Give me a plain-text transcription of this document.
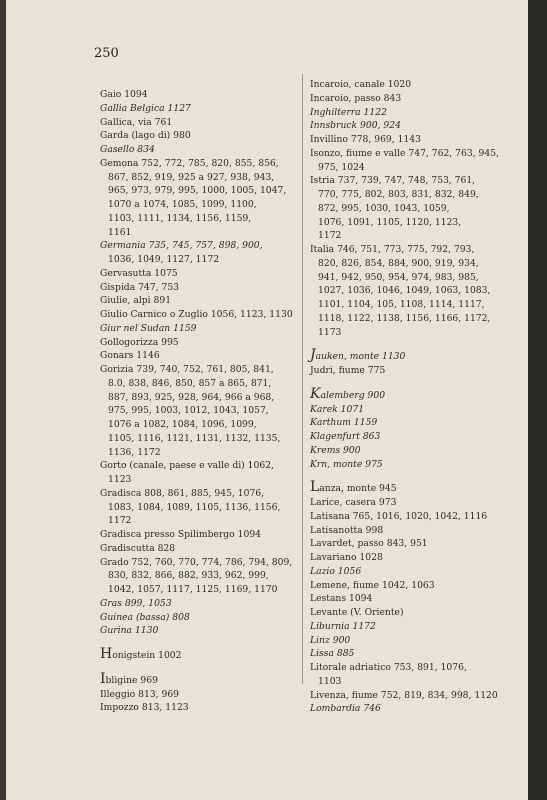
250
Gaio 1094
Gallia Belgica 1127
Gallica, via 761
Garda (lago di) 980
Gasello 834
Gemona 752, 772, 785, 820, 855, 856,
867, 852, 919, 925 a 927, 938, 943,
965, 973, 979, 995, 1000, 1005, 1047,
1070 a 1074, 1085, 1099, 1100,
1103, 1111, 1134, 1156, 1159,
1161
Germania 735, 745, 757, 898, 900,
1036, 1049, 1127, 1172
Gervasutta 1075
Gispida 747, 753
Giulie, alpi 891
Giulio Carnico o Zuglio 1056, 1123, 1130
Giur nel Sudan 1159
Gollogorizza 995
Gonars 1146
Gorizia 739, 740, 752, 761, 805, 841,
8.0, 838, 846, 850, 857 a 865, 871,
887, 893, 925, 928, 964, 966 a 968,
975, 995, 1003, 1012, 1043, 1057,
1076 a 1082, 1084, 1096, 1099,
1105, 1116, 1121, 1131, 1132, 1135,
1136, 1172
Gorto (canale, paese e valle di) 1062,
1123
Gradisca 808, 861, 885, 945, 1076,
1083, 1084, 1089, 1105, 1136, 1156,
1172
Gradisca presso Spilimbergo 1094
Gradiscutta 828
Grado 752, 760, 770, 774, 786, 794, 809,
830, 832, 866, 882, 933, 962, 999,
1042, 1057, 1117, 1125, 1169, 1170
Gras 899, 1053
Guinea (bassa) 808
Gurina 1130
Honigstein 1002
Ibligine 969
Illeggio 813, 969
Impozzo 813, 1123
Incaroio, canale 1020
Incaroio, passo 843
Inghilterra 1122
Innsbruck 900, 924
Invillino 778, 969, 1143
Isonzo, fiume e valle 747, 762, 763, 945,
975, 1024
Istria 737, 739, 747, 748, 753, 761,
770, 775, 802, 803, 831, 832, 849,
872, 995, 1030, 1043, 1059,
1076, 1091, 1105, 1120, 1123,
1172
Italia 746, 751, 773, 775, 792, 793,
820, 826, 854, 884, 900, 919, 934,
941, 942, 950, 954, 974, 983, 985,
1027, 1036, 1046, 1049, 1063, 1083,
1101, 1104, 105, 1108, 1114, 1117,
1118, 1122, 1138, 1156, 1166, 1172,
1173
Jauken, monte 1130
Judri, fiume 775
Kalemberg 900
Karek 1071
Karthum 1159
Klagenfurt 863
Krems 900
Krn, monte 975
Lanza, monte 945
Larice, casera 973
Latisana 765, 1016, 1020, 1042, 1116
Latisanotta 998
Lavardet, passo 843, 951
Lavariano 1028
Lazio 1056
Lemene, fiume 1042, 1063
Lestans 1094
Levante (V. Oriente)
Liburnia 1172
Linz 900
Lissa 885
Litorale adriatico 753, 891, 1076,
1103
Livenza, fiume 752, 819, 834, 998, 1120
Lombardia 746
